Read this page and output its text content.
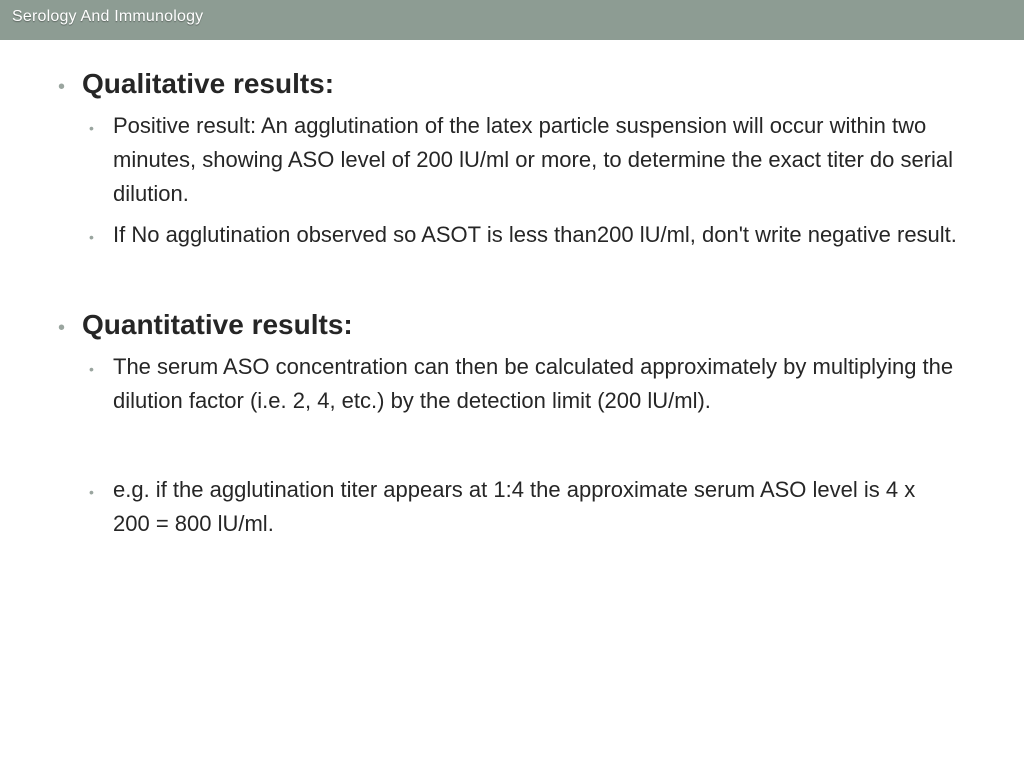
Serology And Immunology
• Qualitative results:
• Positive result: An agglutination of the latex particle suspension will occur within two minutes, showing ASO level of 200 lU/ml or more, to determine the exact titer do serial dilution.
• If No agglutination observed so ASOT is less than200 lU/ml, don't write negative result.
• Quantitative results:
• The serum ASO concentration can then be calculated approximately by multiplying the dilution factor (i.e. 2, 4, etc.) by the detection limit (200 lU/ml).
• e.g. if the agglutination titer appears at 1:4 the approximate serum ASO level is 4 x 200 = 800 lU/ml.
